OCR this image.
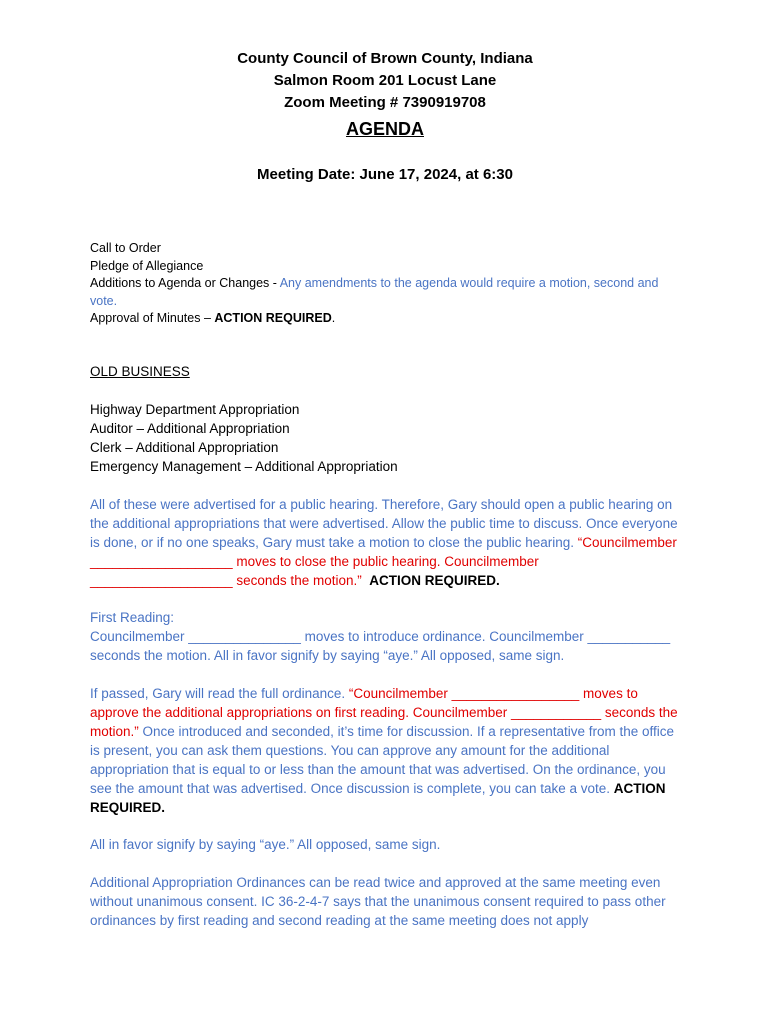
County Council of Brown County, Indiana
Salmon Room 201 Locust Lane
Zoom Meeting # 7390919708
AGENDA
Meeting Date: June 17, 2024, at 6:30

Call to Order

Pledge of Allegiance

Additions to Agenda or Changes - Any amendments to the agenda would require a motion, second and vote.

Approval of Minutes – ACTION REQUIRED.

OLD BUSINESS

Highway Department Appropriation

Auditor – Additional Appropriation

Clerk – Additional Appropriation

Emergency Management – Additional Appropriation

All of these were advertised for a public hearing. Therefore, Gary should open a public hearing on the additional appropriations that were advertised. Allow the public time to discuss. Once everyone is done, or if no one speaks, Gary must take a motion to close the public hearing. “Councilmember ___________________ moves to close the public hearing. Councilmember ___________________ seconds the motion.” ACTION REQUIRED.

First Reading:

Councilmember _______________ moves to introduce ordinance. Councilmember ___________ seconds the motion. All in favor signify by saying “aye.” All opposed, same sign.

If passed, Gary will read the full ordinance. “Councilmember _________________ moves to approve the additional appropriations on first reading. Councilmember ____________ seconds the motion.” Once introduced and seconded, it’s time for discussion. If a representative from the office is present, you can ask them questions. You can approve any amount for the additional appropriation that is equal to or less than the amount that was advertised. On the ordinance, you see the amount that was advertised. Once discussion is complete, you can take a vote. ACTION REQUIRED.

All in favor signify by saying “aye.” All opposed, same sign.

Additional Appropriation Ordinances can be read twice and approved at the same meeting even without unanimous consent. IC 36-2-4-7 says that the unanimous consent required to pass other ordinances by first reading and second reading at the same meeting does not apply
